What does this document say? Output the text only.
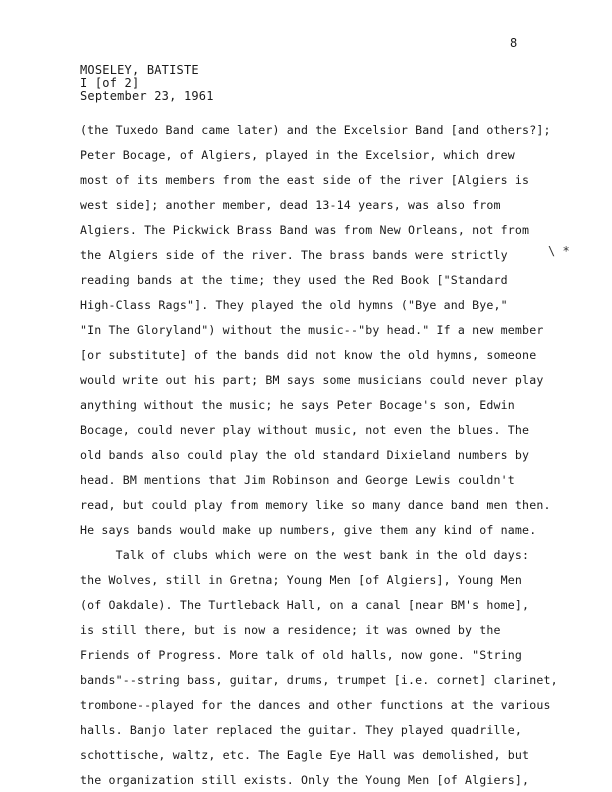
8
MOSELEY, BATISTE
I [of 2]
September 23, 1961
\ *
(the Tuxedo Band came later) and the Excelsior Band [and others?];
Peter Bocage, of Algiers, played in the Excelsior, which drew
most of its members from the east side of the river [Algiers is
west side]; another member, dead 13-14 years, was also from
Algiers. The Pickwick Brass Band was from New Orleans, not from
the Algiers side of the river. The brass bands were strictly
reading bands at the time; they used the Red Book ["Standard
High-Class Rags"]. They played the old hymns ("Bye and Bye,"
"In The Gloryland") without the music--"by head." If a new member
[or substitute] of the bands did not know the old hymns, someone
would write out his part; BM says some musicians could never play
anything without the music; he says Peter Bocage's son, Edwin
Bocage, could never play without music, not even the blues. The
old bands also could play the old standard Dixieland numbers by
head. BM mentions that Jim Robinson and George Lewis couldn't
read, but could play from memory like so many dance band men then.
He says bands would make up numbers, give them any kind of name.
Talk of clubs which were on the west bank in the old days:
the Wolves, still in Gretna; Young Men [of Algiers], Young Men
(of Oakdale). The Turtleback Hall, on a canal [near BM's home],
is still there, but is now a residence; it was owned by the
Friends of Progress. More talk of old halls, now gone. "String
bands"--string bass, guitar, drums, trumpet [i.e. cornet] clarinet,
trombone--played for the dances and other functions at the various
halls. Banjo later replaced the guitar. They played quadrille,
schottische, waltz, etc. The Eagle Eye Hall was demolished, but
the organization still exists. Only the Young Men [of Algiers],
